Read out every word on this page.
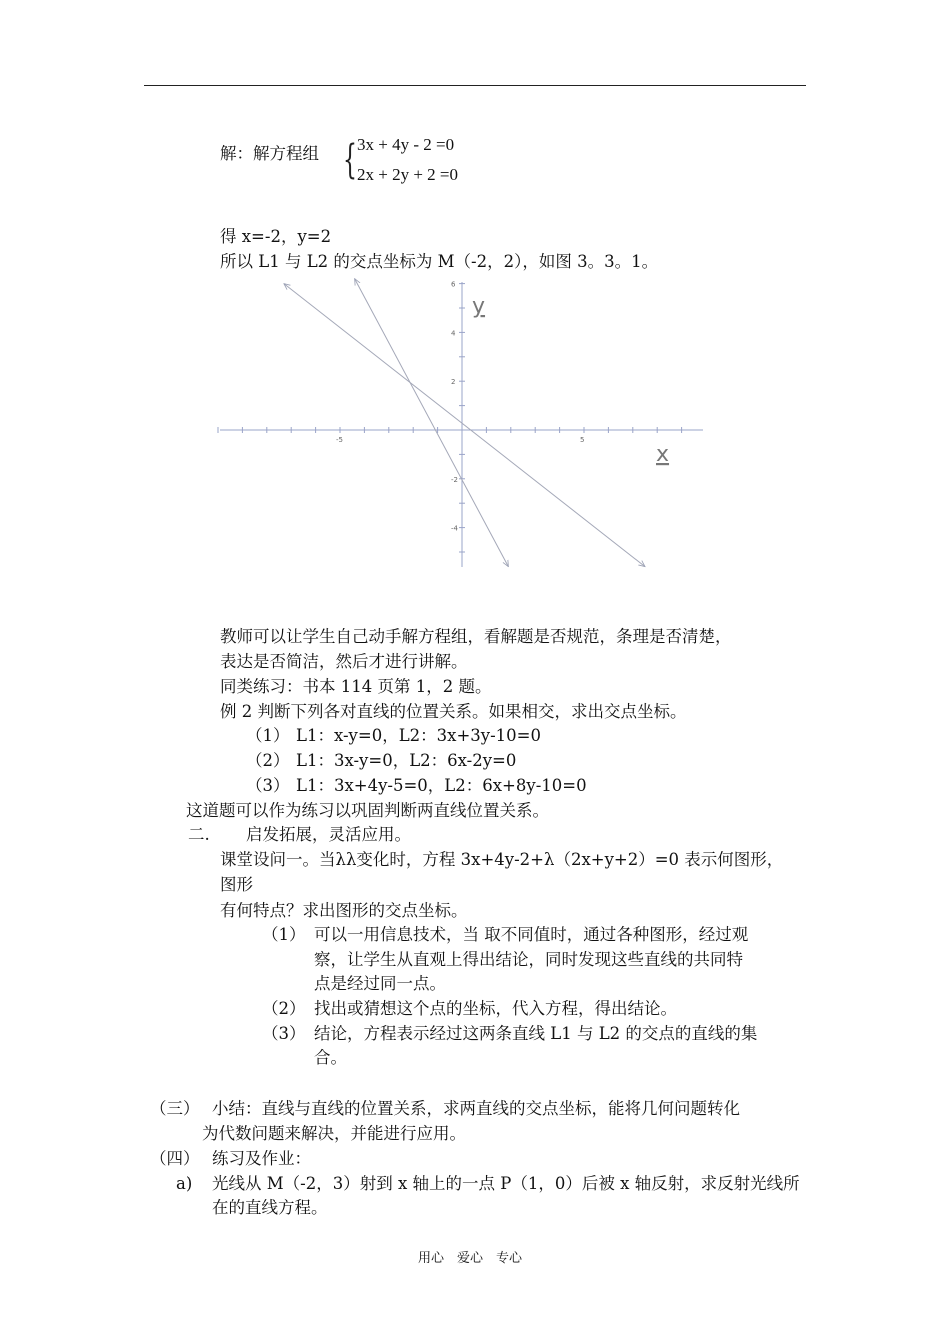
解：解方程组 { 3x + 4y - 2 =0
2x + 2y + 2 =0
得 x=-2，y=2
所以 L1 与 L2 的交点坐标为 M（-2，2），如图 3。3。1。
-5	5
6
4
2
-2
-4
x
y
教师可以让学生自己动手解方程组，看解题是否规范，条理是否清楚，
表达是否简洁，然后才进行讲解。
同类练习：书本 114 页第 1，2 题。
例 2 判断下列各对直线的位置关系。如果相交，求出交点坐标。
（1） L1：x-y=0，L2：3x+3y-10=0
（2） L1：3x-y=0，L2：6x-2y=0
（3） L1：3x+4y-5=0，L2：6x+8y-10=0
这道题可以作为练习以巩固判断两直线位置关系。
二. 启发拓展，灵活应用。
课堂设问一。当λλ变化时，方程 3x+4y-2+λ（2x+y+2）=0 表示何图形，
图形
有何特点？求出图形的交点坐标。
（1） 可以一用信息技术，当 取不同值时，通过各种图形，经过观
察，让学生从直观上得出结论，同时发现这些直线的共同特
点是经过同一点。
（2） 找出或猜想这个点的坐标，代入方程，得出结论。
（3） 结论，方程表示经过这两条直线 L1 与 L2 的交点的直线的集
合。
（三） 小结：直线与直线的位置关系，求两直线的交点坐标，能将几何问题转化
为代数问题来解决，并能进行应用。
（四） 练习及作业：
a) 光线从 M（-2，3）射到 x 轴上的一点 P（1，0）后被 x 轴反射，求反射光线所
在的直线方程。
用心　爱心　专心
